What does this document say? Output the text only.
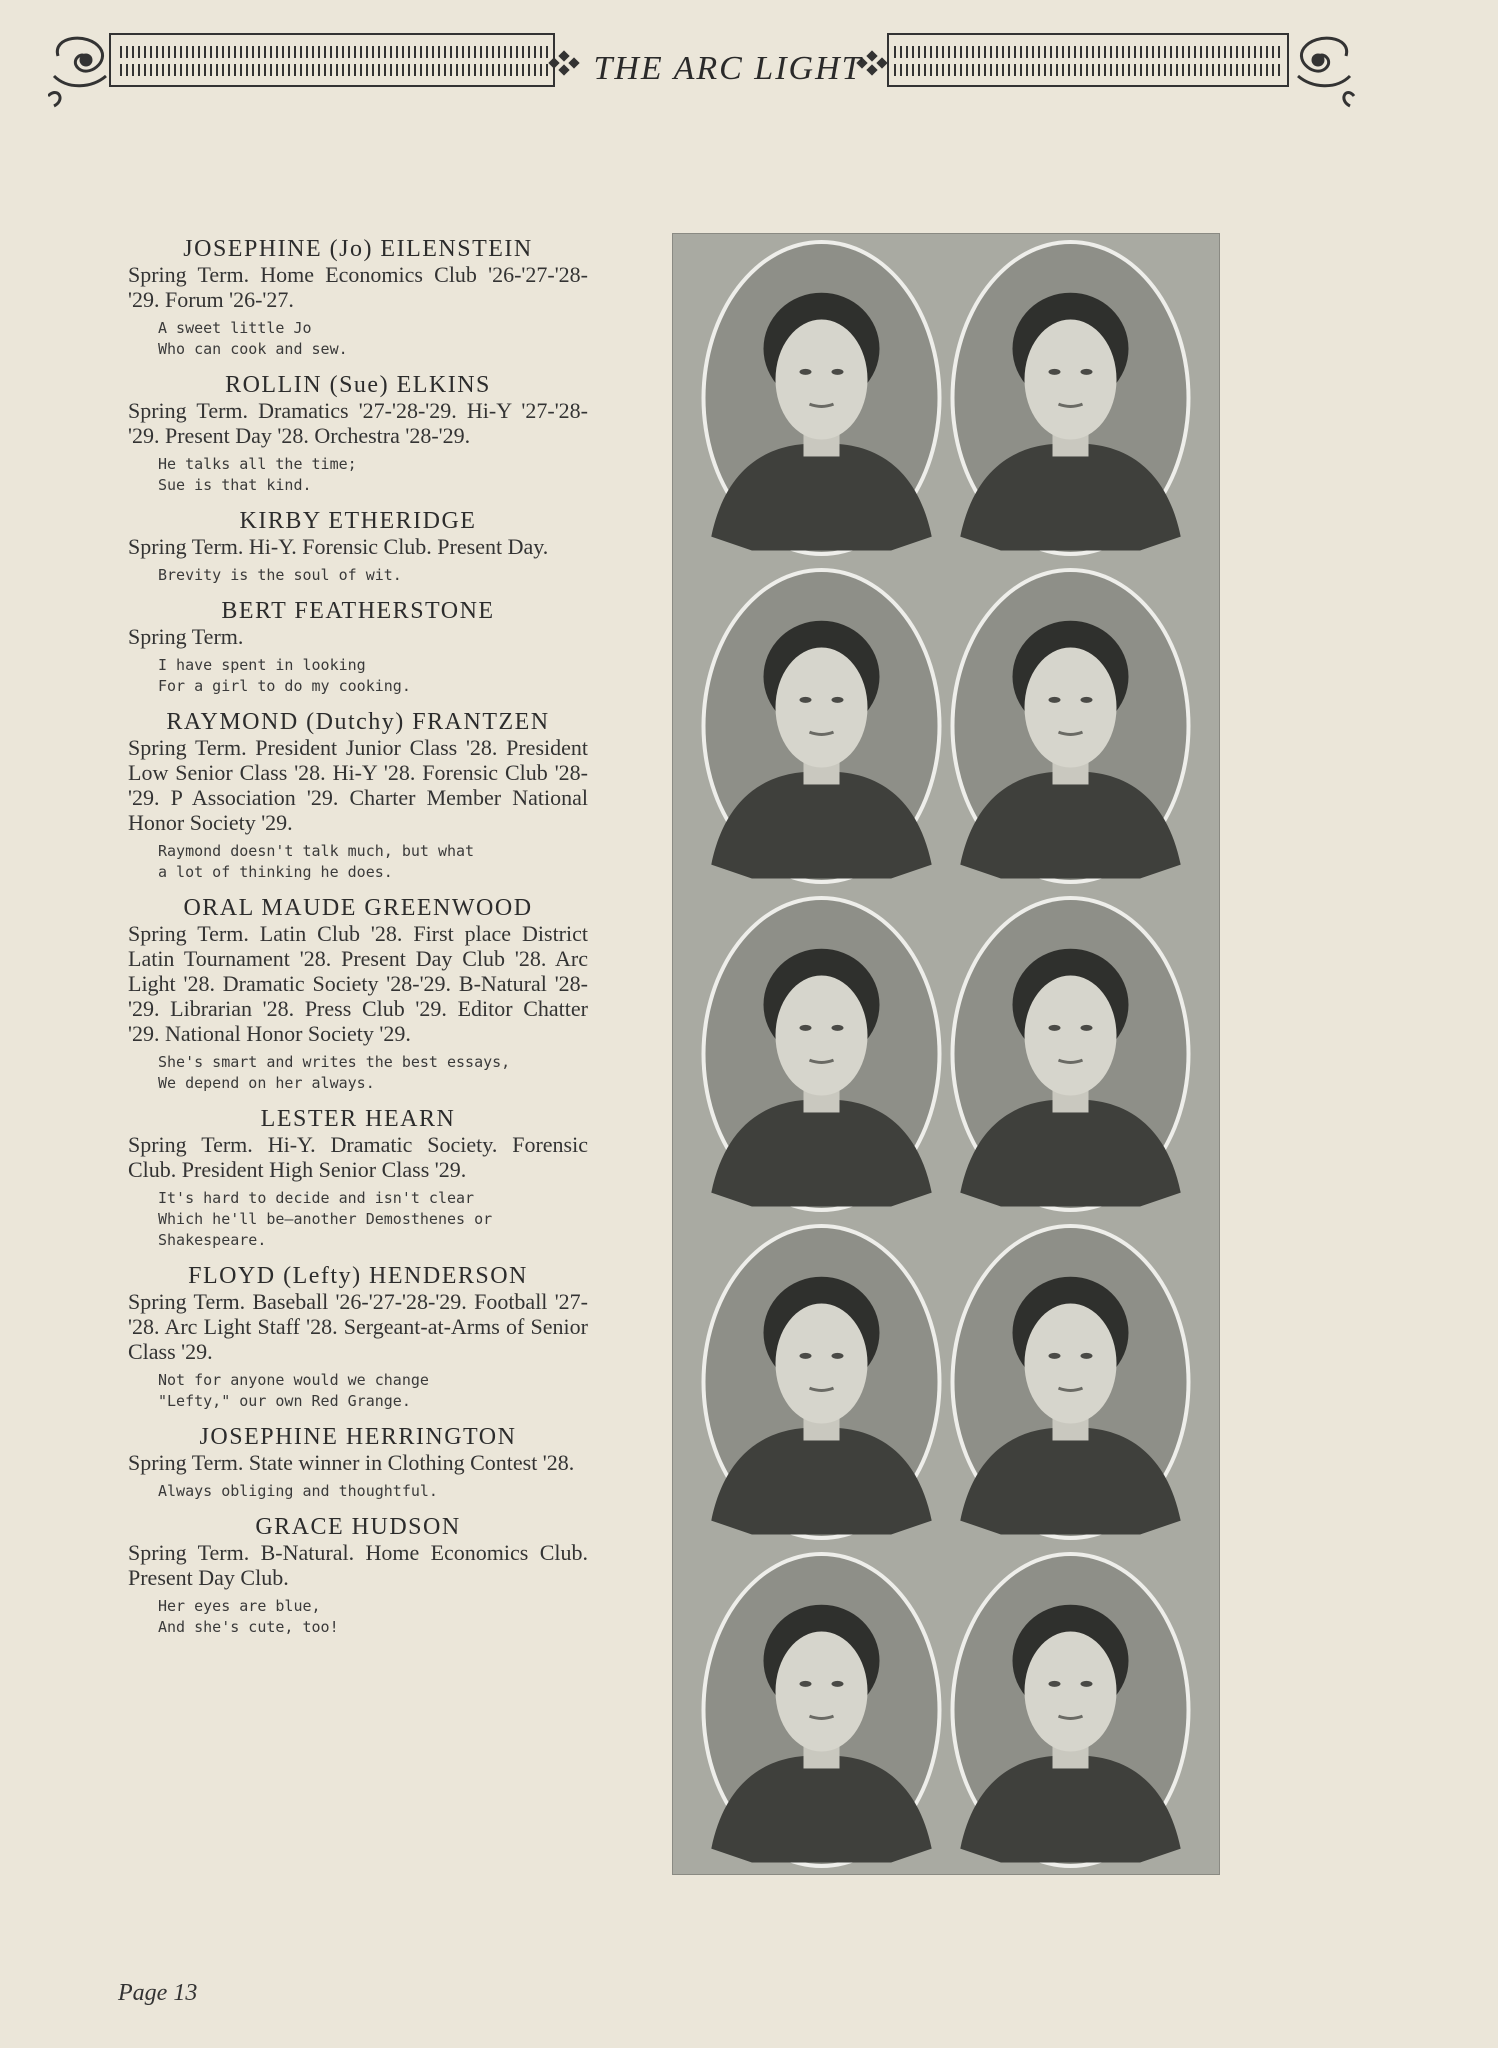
THE ARC LIGHT
JOSEPHINE (Jo) EILENSTEIN
Spring Term. Home Economics Club '26-'27-'28-'29. Forum '26-'27.
A sweet little Jo
Who can cook and sew.
ROLLIN (Sue) ELKINS
Spring Term. Dramatics '27-'28-'29. Hi-Y '27-'28-'29. Present Day '28. Orchestra '28-'29.
He talks all the time;
Sue is that kind.
KIRBY ETHERIDGE
Spring Term. Hi-Y. Forensic Club. Present Day.
Brevity is the soul of wit.
BERT FEATHERSTONE
Spring Term.
I have spent in looking
For a girl to do my cooking.
RAYMOND (Dutchy) FRANTZEN
Spring Term. President Junior Class '28. President Low Senior Class '28. Hi-Y '28. Forensic Club '28-'29. P Association '29. Charter Member National Honor Society '29.
Raymond doesn't talk much, but what
a lot of thinking he does.
ORAL MAUDE GREENWOOD
Spring Term. Latin Club '28. First place District Latin Tournament '28. Present Day Club '28. Arc Light '28. Dramatic Society '28-'29. B-Natural '28-'29. Librarian '28. Press Club '29. Editor Chatter '29. National Honor Society '29.
She's smart and writes the best essays,
We depend on her always.
LESTER HEARN
Spring Term. Hi-Y. Dramatic Society. Forensic Club. President High Senior Class '29.
It's hard to decide and isn't clear
Which he'll be—another Demosthenes or
Shakespeare.
FLOYD (Lefty) HENDERSON
Spring Term. Baseball '26-'27-'28-'29. Football '27-'28. Arc Light Staff '28. Sergeant-at-Arms of Senior Class '29.
Not for anyone would we change
"Lefty," our own Red Grange.
JOSEPHINE HERRINGTON
Spring Term. State winner in Clothing Contest '28.
Always obliging and thoughtful.
GRACE HUDSON
Spring Term. B-Natural. Home Economics Club. Present Day Club.
Her eyes are blue,
And she's cute, too!
Page 13
